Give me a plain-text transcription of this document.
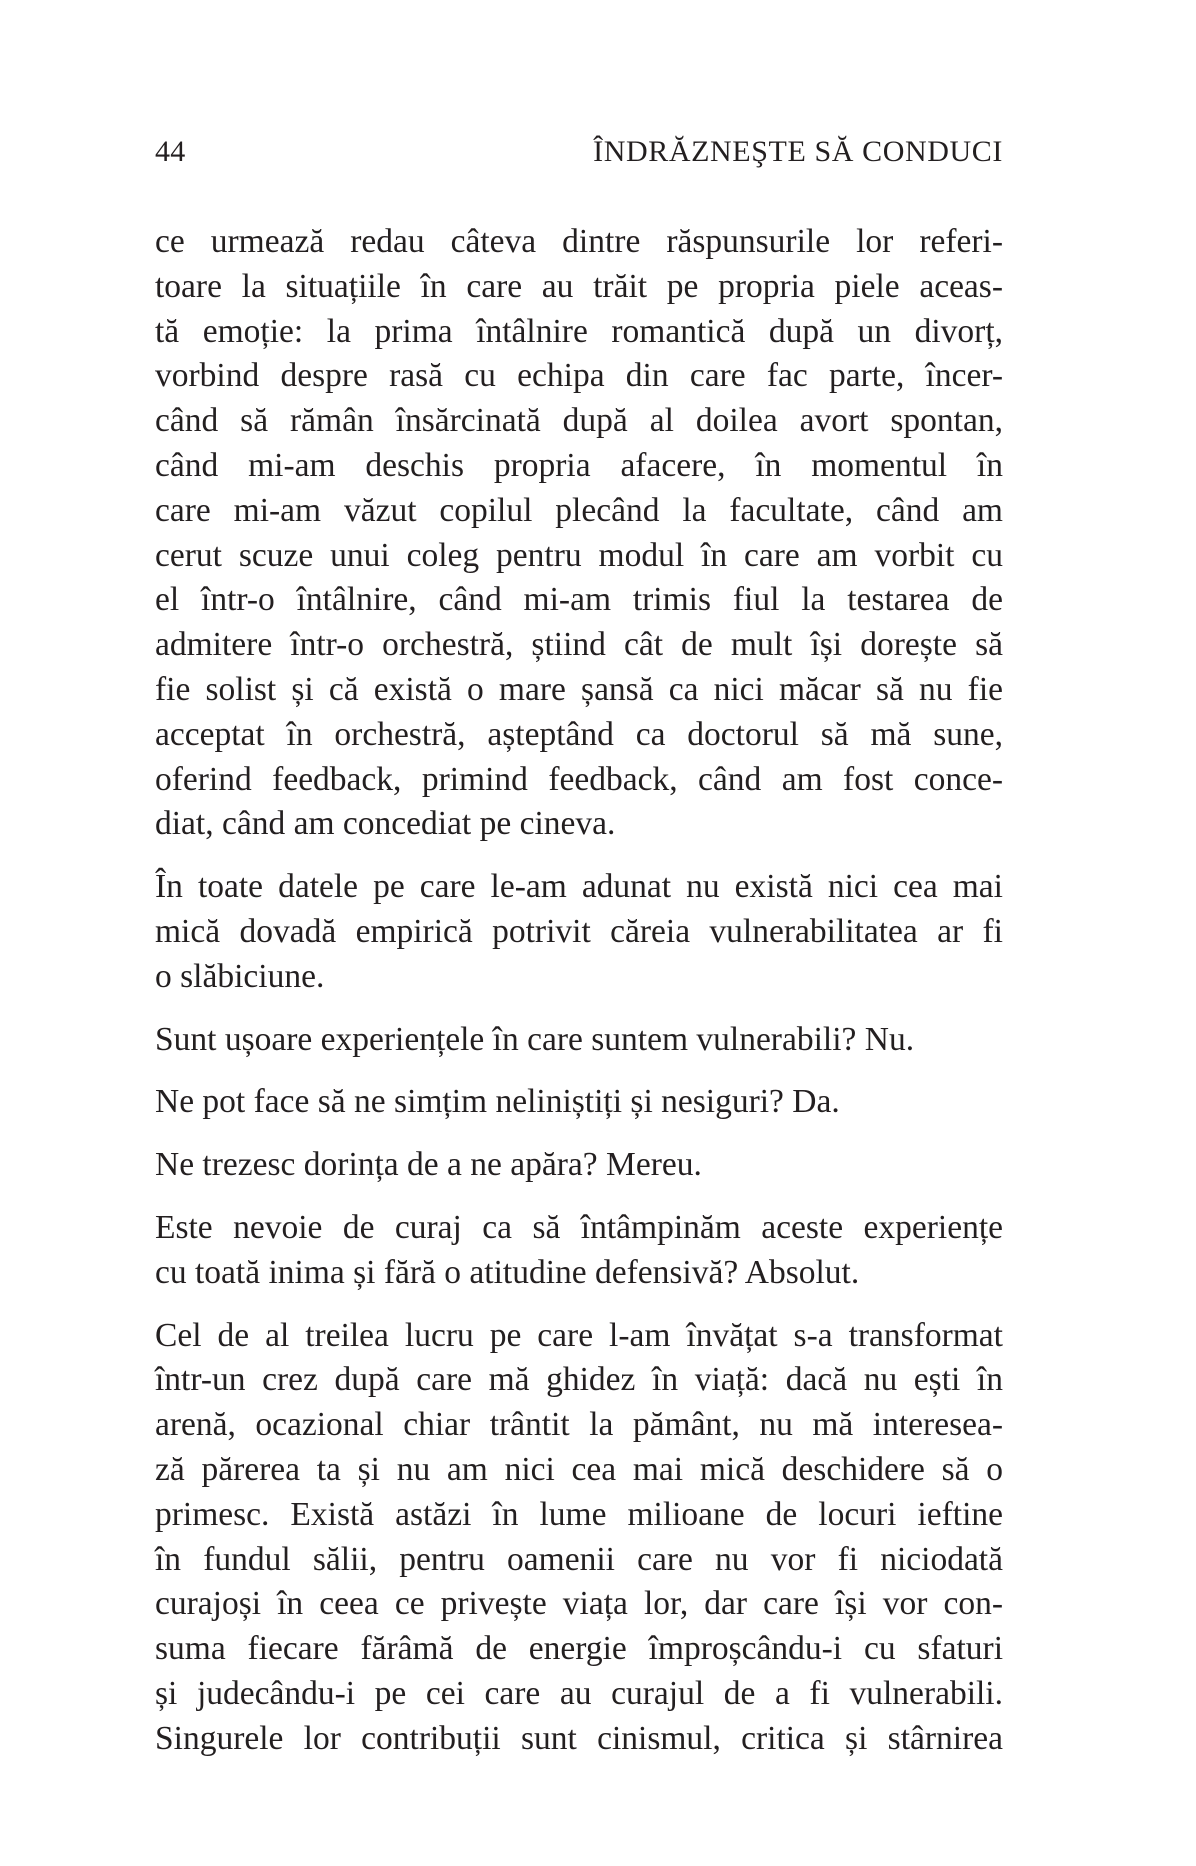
44	ÎNDRĂZNEŞTE SĂ CONDUCI
ce urmează redau câteva dintre răspunsurile lor referi-
toare la situațiile în care au trăit pe propria piele aceas-
tă emoție: la prima întâlnire romantică după un divorț,
vorbind despre rasă cu echipa din care fac parte, încer-
când să rămân însărcinată după al doilea avort spontan,
când mi-am deschis propria afacere, în momentul în
care mi-am văzut copilul plecând la facultate, când am
cerut scuze unui coleg pentru modul în care am vorbit cu
el într-o întâlnire, când mi-am trimis fiul la testarea de
admitere într-o orchestră, știind cât de mult își dorește să
fie solist și că există o mare șansă ca nici măcar să nu fie
acceptat în orchestră, așteptând ca doctorul să mă sune,
oferind feedback, primind feedback, când am fost conce-
diat, când am concediat pe cineva.
În toate datele pe care le-am adunat nu există nici cea mai
mică dovadă empirică potrivit căreia vulnerabilitatea ar fi
o slăbiciune.
Sunt ușoare experiențele în care suntem vulnerabili? Nu.
Ne pot face să ne simțim neliniștiți și nesiguri? Da.
Ne trezesc dorința de a ne apăra? Mereu.
Este nevoie de curaj ca să întâmpinăm aceste experiențe
cu toată inima și fără o atitudine defensivă? Absolut.
Cel de al treilea lucru pe care l-am învățat s-a transformat
într-un crez după care mă ghidez în viață: dacă nu ești în
arenă, ocazional chiar trântit la pământ, nu mă interesea-
ză părerea ta și nu am nici cea mai mică deschidere să o
primesc. Există astăzi în lume milioane de locuri ieftine
în fundul sălii, pentru oamenii care nu vor fi niciodată
curajoși în ceea ce privește viața lor, dar care își vor con-
suma fiecare fărâmă de energie împroșcându-i cu sfaturi
și judecându-i pe cei care au curajul de a fi vulnerabili.
Singurele lor contribuții sunt cinismul, critica și stârnirea
